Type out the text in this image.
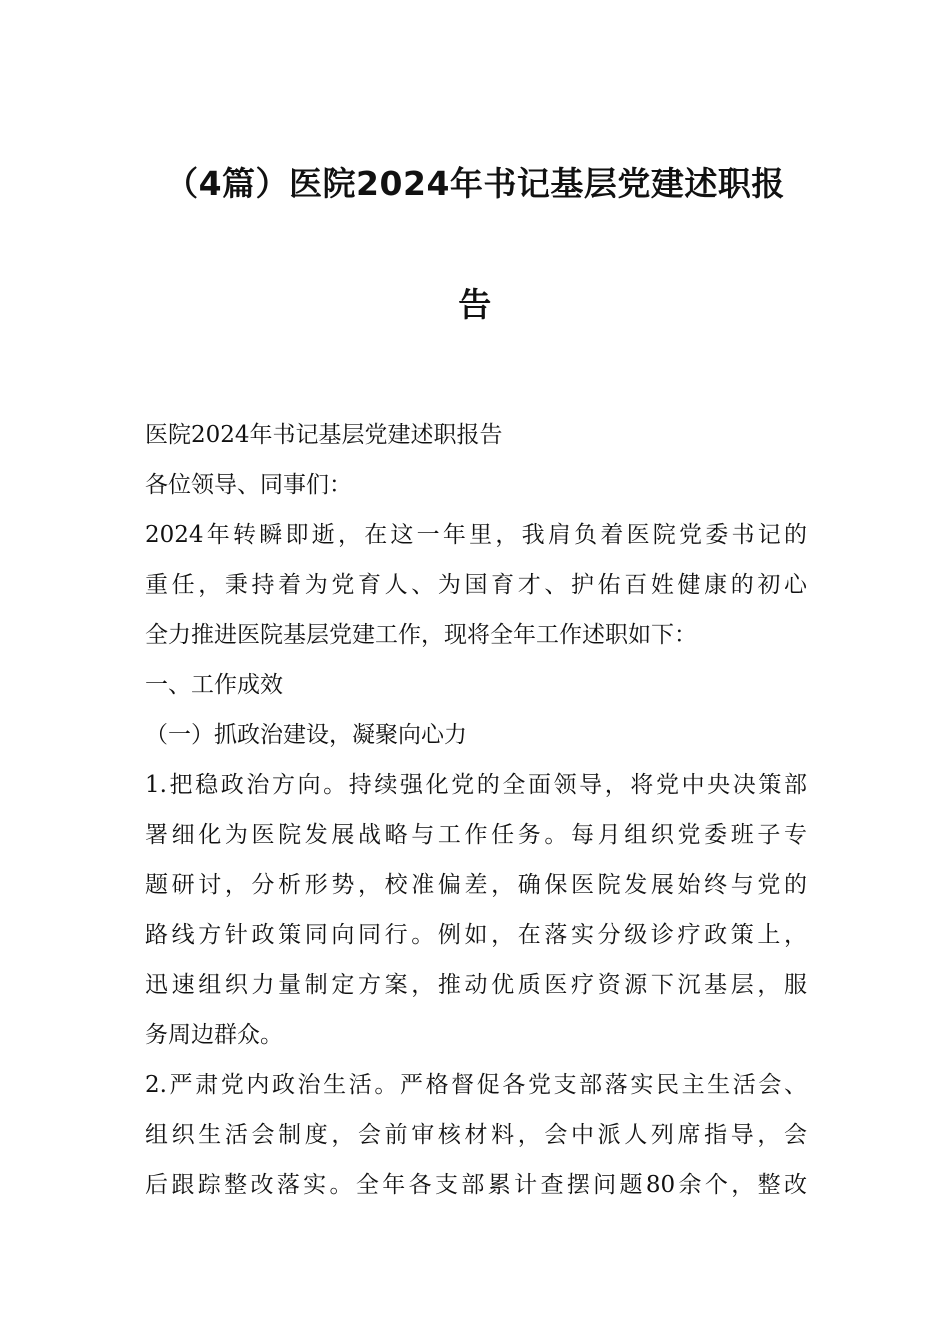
（4篇）医院2024年书记基层党建述职报
告
医院2024年书记基层党建述职报告
各位领导、同事们：
2024年转瞬即逝，在这一年里，我肩负着医院党委书记的
重任，秉持着为党育人、为国育才、护佑百姓健康的初心
全力推进医院基层党建工作，现将全年工作述职如下：
一、工作成效
（一）抓政治建设，凝聚向心力
1.把稳政治方向。持续强化党的全面领导，将党中央决策部
署细化为医院发展战略与工作任务。每月组织党委班子专
题研讨，分析形势，校准偏差，确保医院发展始终与党的
路线方针政策同向同行。例如，在落实分级诊疗政策上，
迅速组织力量制定方案，推动优质医疗资源下沉基层，服
务周边群众。
2.严肃党内政治生活。严格督促各党支部落实民主生活会、
组织生活会制度，会前审核材料，会中派人列席指导，会
后跟踪整改落实。全年各支部累计查摆问题80余个，整改
